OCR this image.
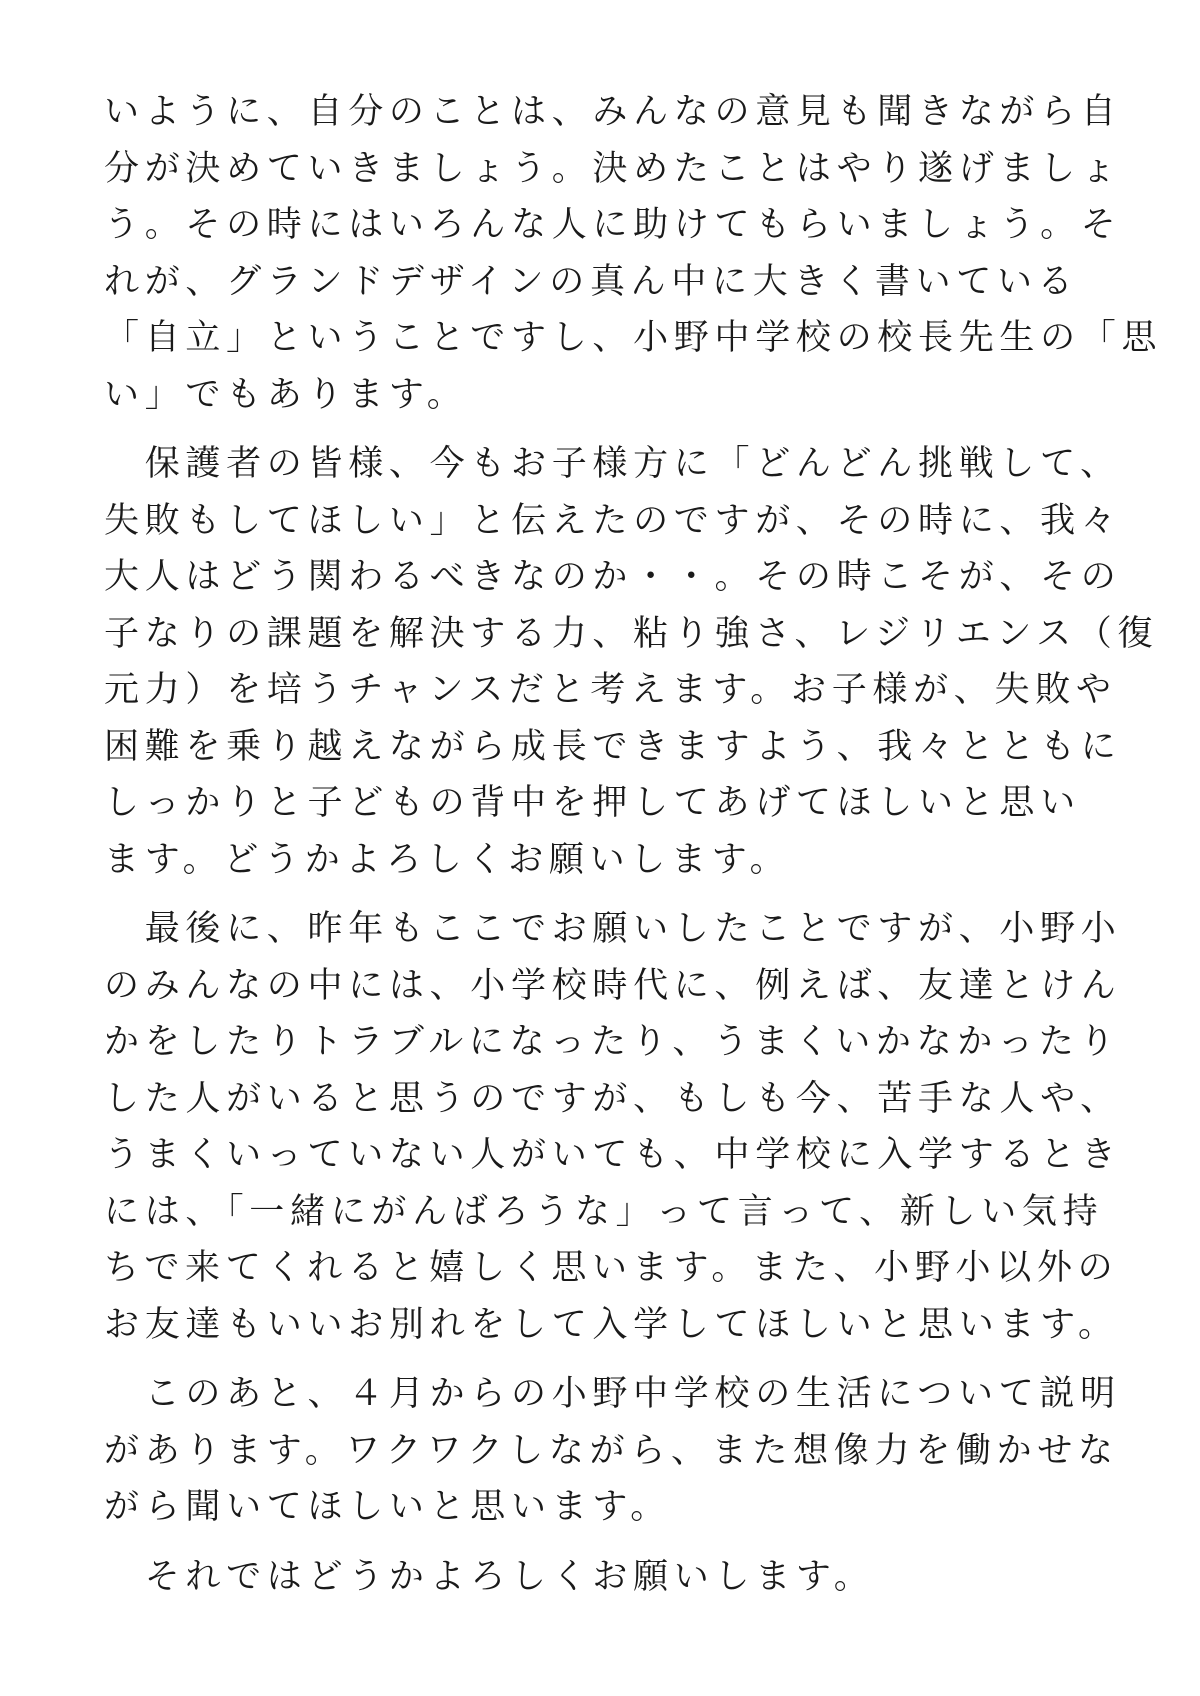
いように、自分のことは、みんなの意見も聞きながら自
分が決めていきましょう。決めたことはやり遂げましょ
う。その時にはいろんな人に助けてもらいましょう。そ
れが、グランドデザインの真ん中に大きく書いている
「自立」ということですし、小野中学校の校長先生の「思
い」でもあります。

　保護者の皆様、今もお子様方に「どんどん挑戦して、
失敗もしてほしい」と伝えたのですが、その時に、我々
大人はどう関わるべきなのか・・。その時こそが、その
子なりの課題を解決する力、粘り強さ、レジリエンス（復
元力）を培うチャンスだと考えます。お子様が、失敗や
困難を乗り越えながら成長できますよう、我々とともに
しっかりと子どもの背中を押してあげてほしいと思い
ます。どうかよろしくお願いします。

　最後に、昨年もここでお願いしたことですが、小野小
のみんなの中には、小学校時代に、例えば、友達とけん
かをしたりトラブルになったり、うまくいかなかったり
した人がいると思うのですが、もしも今、苦手な人や、
うまくいっていない人がいても、中学校に入学するとき
には、「一緒にがんばろうな」って言って、新しい気持
ちで来てくれると嬉しく思います。また、小野小以外の
お友達もいいお別れをして入学してほしいと思います。

　このあと、４月からの小野中学校の生活について説明
があります。ワクワクしながら、また想像力を働かせな
がら聞いてほしいと思います。

　それではどうかよろしくお願いします。
